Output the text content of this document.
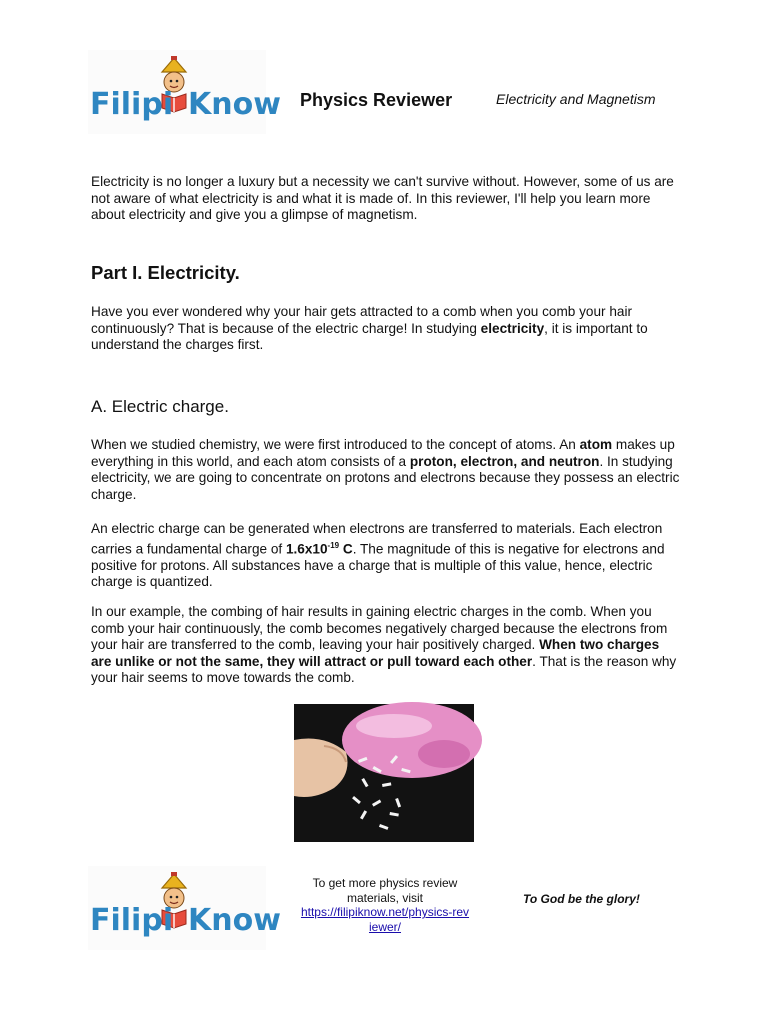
Filipi Know Physics Reviewer	Electricity and Magnetism

Electricity is no longer a luxury but a necessity we can't survive without. However, some of us are not aware of what electricity is and what it is made of. In this reviewer, I'll help you learn more about electricity and give you a glimpse of magnetism.

Part I. Electricity.

Have you ever wondered why your hair gets attracted to a comb when you comb your hair continuously? That is because of the electric charge! In studying electricity, it is important to understand the charges first.

A. Electric charge.

When we studied chemistry, we were first introduced to the concept of atoms. An atom makes up everything in this world, and each atom consists of a proton, electron, and neutron. In studying electricity, we are going to concentrate on protons and electrons because they possess an electric charge.

An electric charge can be generated when electrons are transferred to materials. Each electron carries a fundamental charge of $1.6x10^{-19}$ C. The magnitude of this is negative for electrons and positive for protons. All substances have a charge that is multiple of this value, hence, electric charge is quantized.

In our example, the combing of hair results in gaining electric charges in the comb. When you comb your hair continuously, the comb becomes negatively charged because the electrons from your hair are transferred to the comb, leaving your hair positively charged. When two charges are unlike or not the same, they will attract or pull toward each other. That is the reason why your hair seems to move towards the comb.

Filipi Know
To get more physics review materials, visit
https://filipiknow.net/physics-reviewer/
To God be the glory!
